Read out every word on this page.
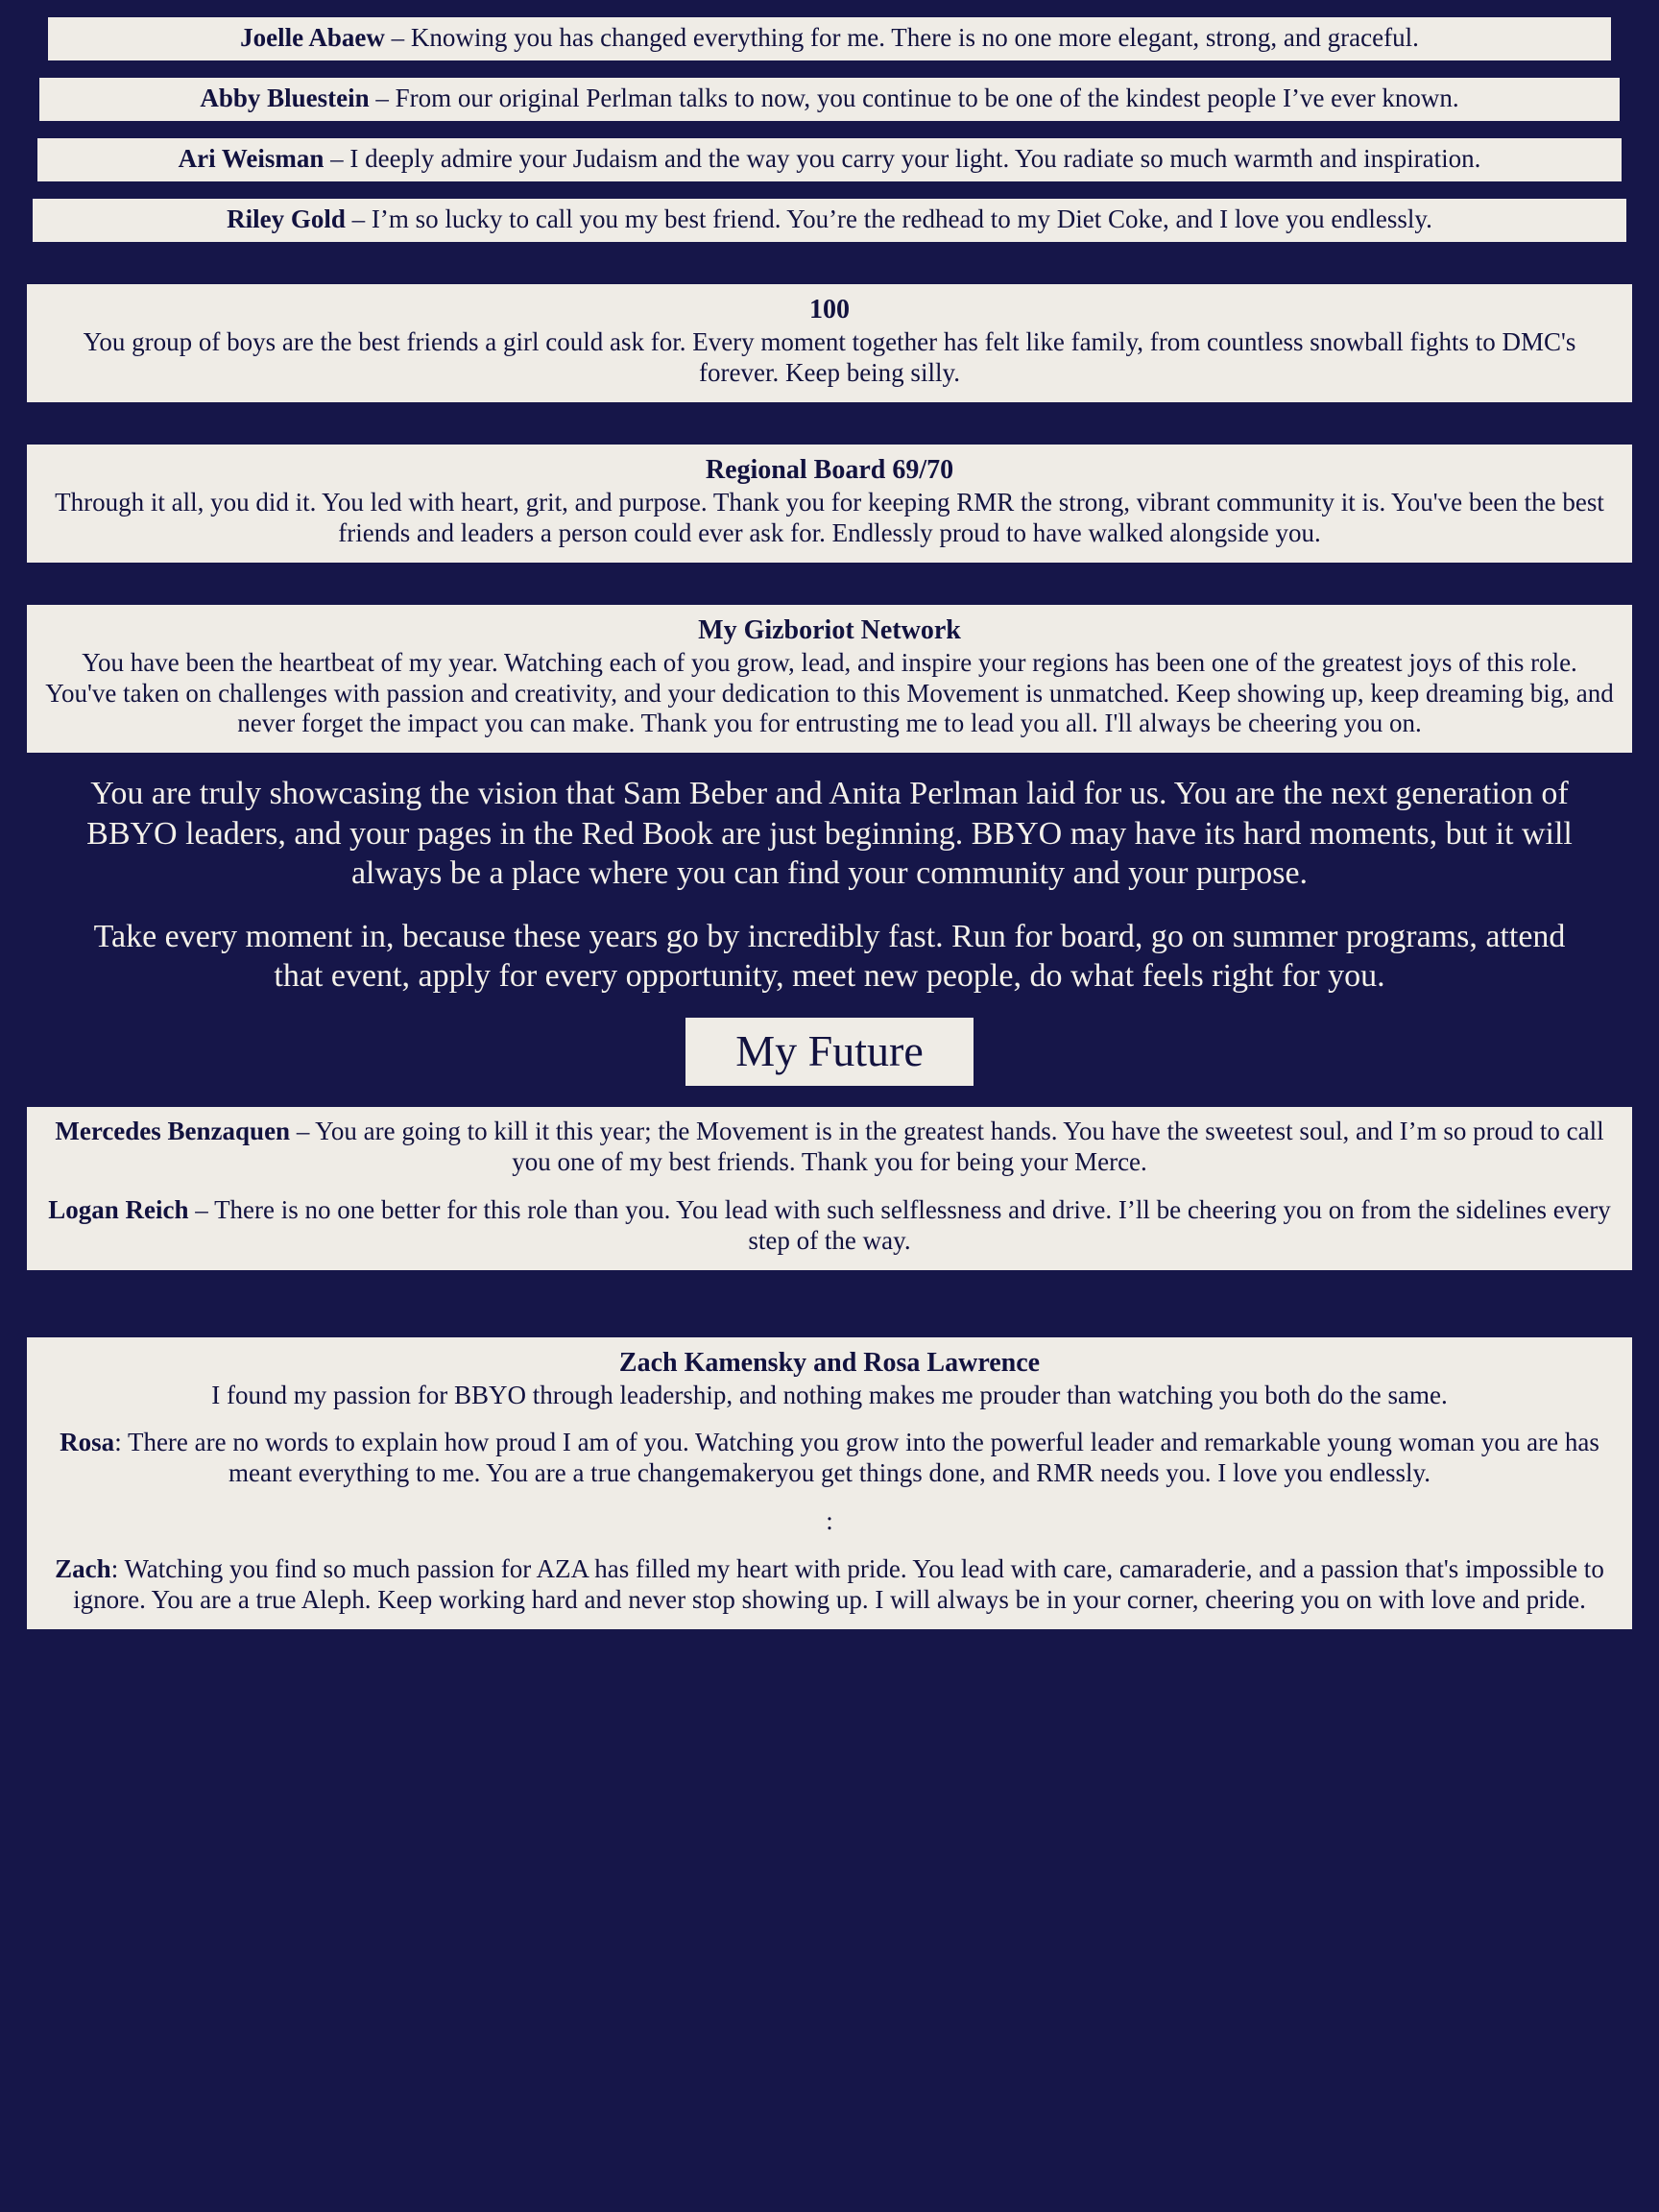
Joelle Abaew – Knowing you has changed everything for me. There is no one more elegant, strong, and graceful.
Abby Bluestein – From our original Perlman talks to now, you continue to be one of the kindest people I’ve ever known.
Ari Weisman – I deeply admire your Judaism and the way you carry your light. You radiate so much warmth and inspiration.
Riley Gold – I’m so lucky to call you my best friend. You’re the redhead to my Diet Coke, and I love you endlessly.
100
You group of boys are the best friends a girl could ask for. Every moment together has felt like family, from countless snowball fights to DMC's forever. Keep being silly.
Regional Board 69/70
Through it all, you did it. You led with heart, grit, and purpose. Thank you for keeping RMR the strong, vibrant community it is. You've been the best friends and leaders a person could ever ask for. Endlessly proud to have walked alongside you.
My Gizboriot Network
You have been the heartbeat of my year. Watching each of you grow, lead, and inspire your regions has been one of the greatest joys of this role. You've taken on challenges with passion and creativity, and your dedication to this Movement is unmatched. Keep showing up, keep dreaming big, and never forget the impact you can make. Thank you for entrusting me to lead you all. I'll always be cheering you on.

You are truly showcasing the vision that Sam Beber and Anita Perlman laid for us. You are the next generation of BBYO leaders, and your pages in the Red Book are just beginning. BBYO may have its hard moments, but it will always be a place where you can find your community and your purpose.

Take every moment in, because these years go by incredibly fast. Run for board, go on summer programs, attend that event, apply for every opportunity, meet new people, do what feels right for you.

My Future

Mercedes Benzaquen – You are going to kill it this year; the Movement is in the greatest hands. You have the sweetest soul, and I’m so proud to call you one of my best friends. Thank you for being your Merce.

Logan Reich – There is no one better for this role than you. You lead with such selflessness and drive. I’ll be cheering you on from the sidelines every step of the way.

Zach Kamensky and Rosa Lawrence

I found my passion for BBYO through leadership, and nothing makes me prouder than watching you both do the same.

Rosa: There are no words to explain how proud I am of you. Watching you grow into the powerful leader and remarkable young woman you are has meant everything to me. You are a true changemakeryou get things done, and RMR needs you. I love you endlessly.

:

Zach: Watching you find so much passion for AZA has filled my heart with pride. You lead with care, camaraderie, and a passion that's impossible to ignore. You are a true Aleph. Keep working hard and never stop showing up. I will always be in your corner, cheering you on with love and pride.
